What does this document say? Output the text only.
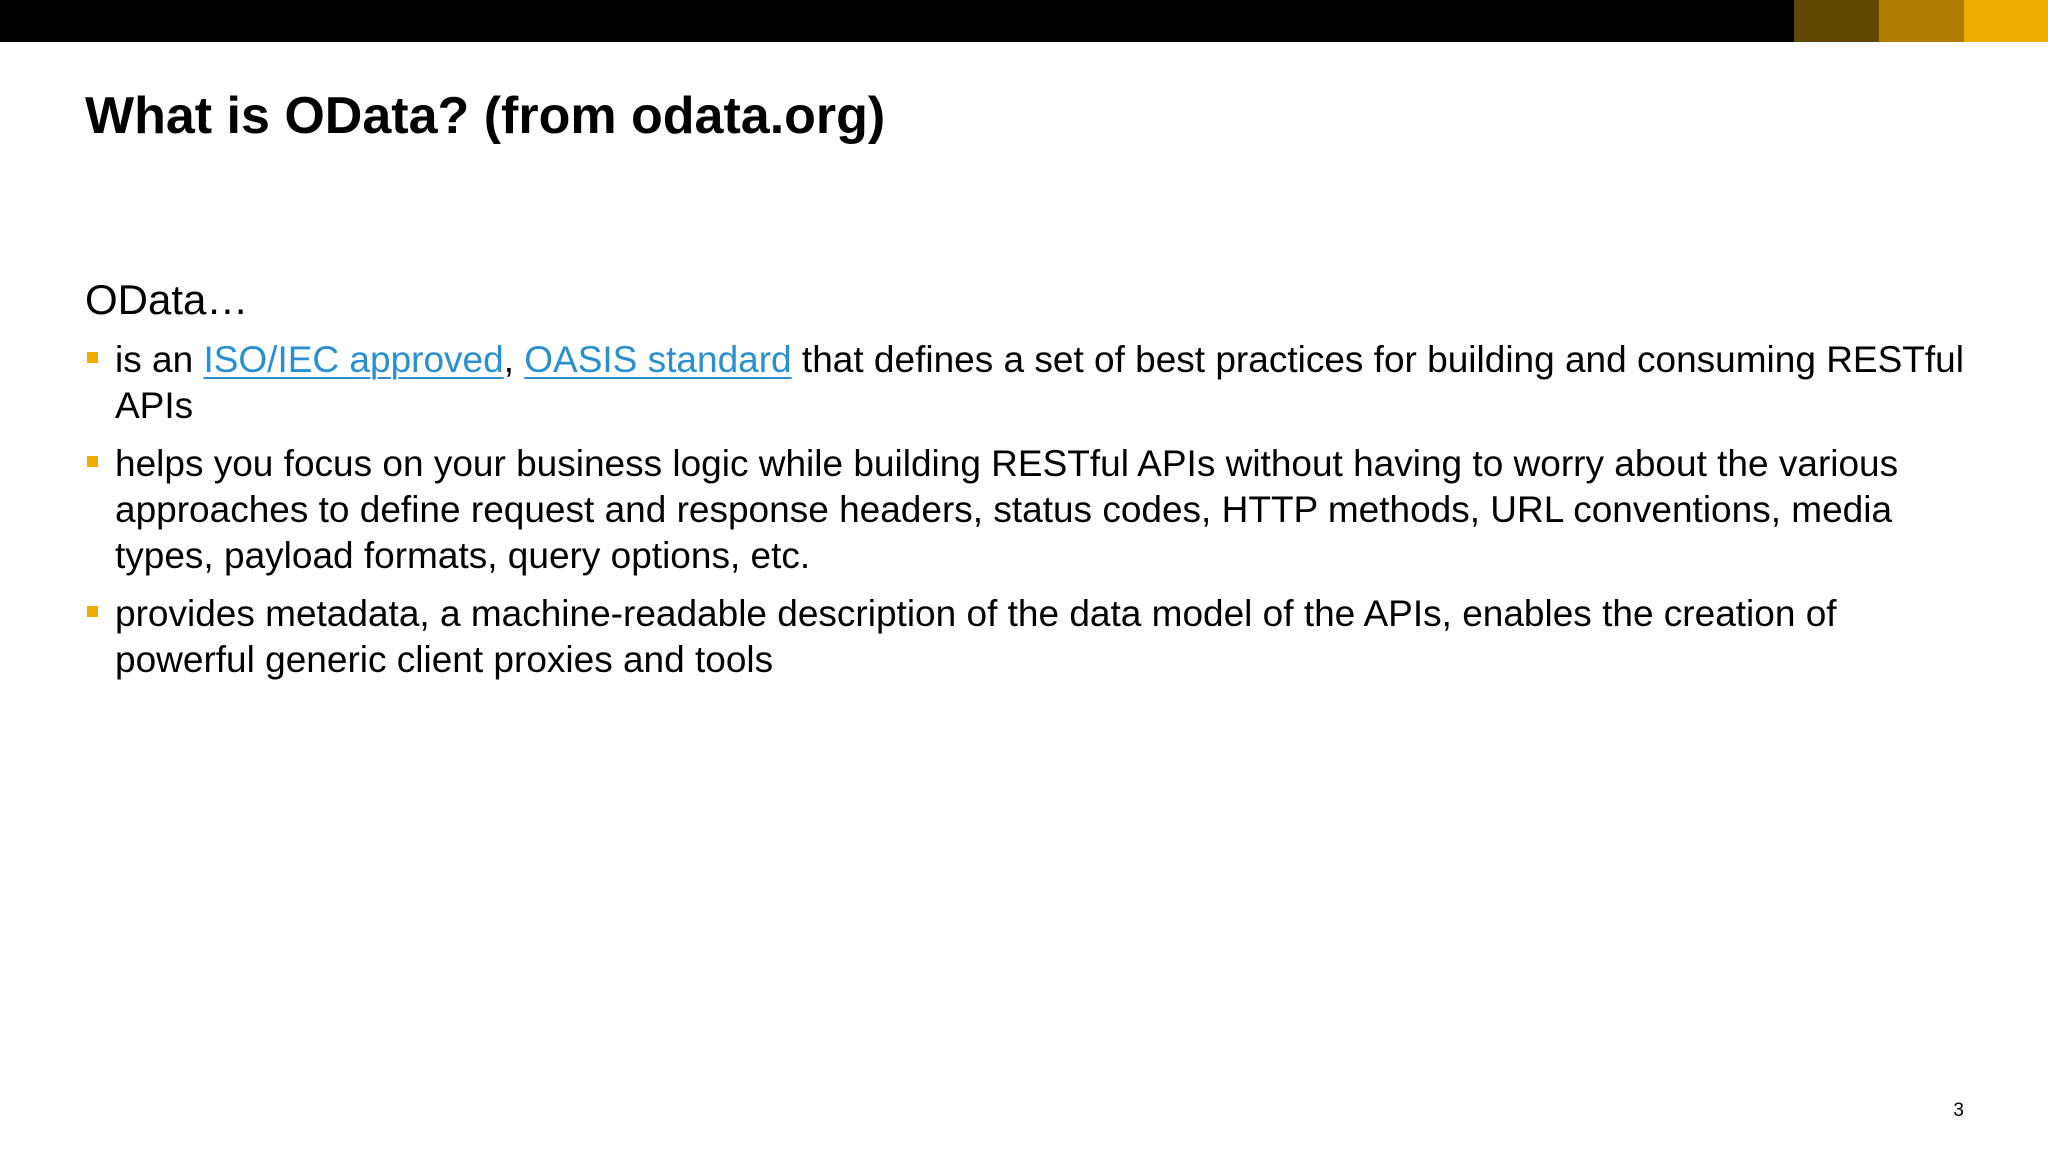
What is OData? (from odata.org)

OData…

is an ISO/IEC approved, OASIS standard that defines a set of best practices for building and consuming RESTful APIs
helps you focus on your business logic while building RESTful APIs without having to worry about the various approaches to define request and response headers, status codes, HTTP methods, URL conventions, media types, payload formats, query options, etc.
provides metadata, a machine-readable description of the data model of the APIs, enables the creation of powerful generic client proxies and tools
3
